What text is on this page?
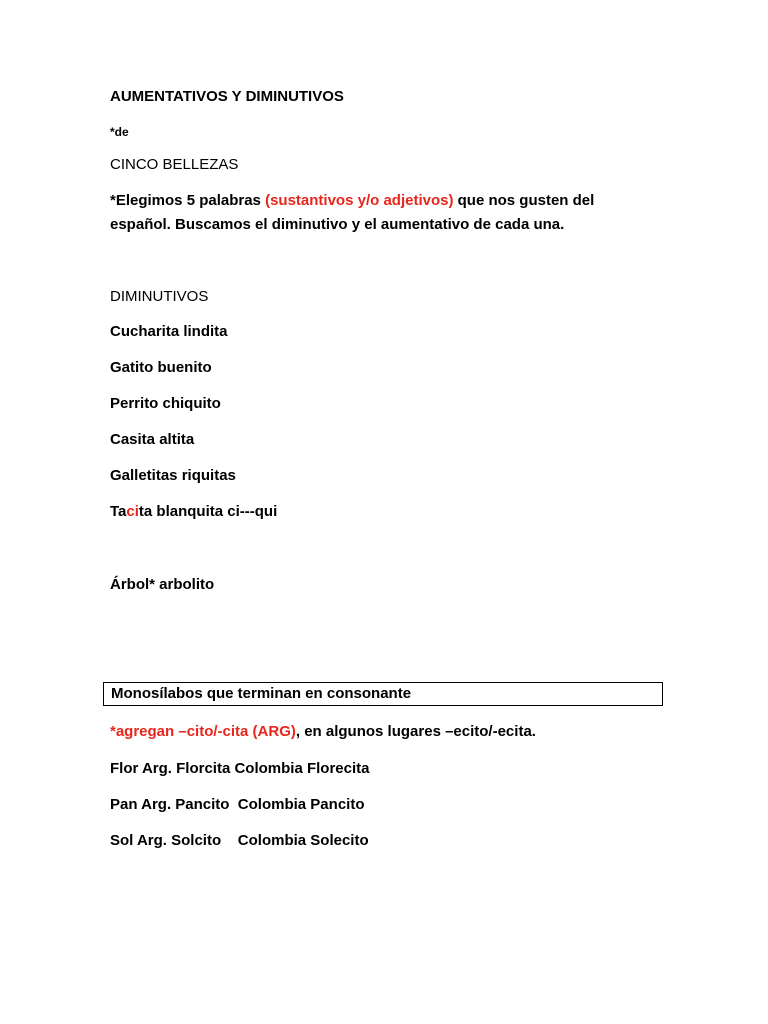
AUMENTATIVOS Y DIMINUTIVOS
*de
CINCO BELLEZAS
*Elegimos 5 palabras (sustantivos y/o adjetivos) que nos gusten del
español. Buscamos el diminutivo y el aumentativo de cada una.
DIMINUTIVOS
Cucharita lindita
Gatito buenito
Perrito chiquito
Casita altita
Galletitas riquitas
Tacita blanquita ci---qui
Árbol* arbolito
Monosílabos que terminan en consonante
*agregan –cito/-cita (ARG), en algunos lugares –ecito/-ecita.
Flor Arg. Florcita Colombia Florecita
Pan Arg. Pancito  Colombia Pancito
Sol Arg. Solcito    Colombia Solecito
